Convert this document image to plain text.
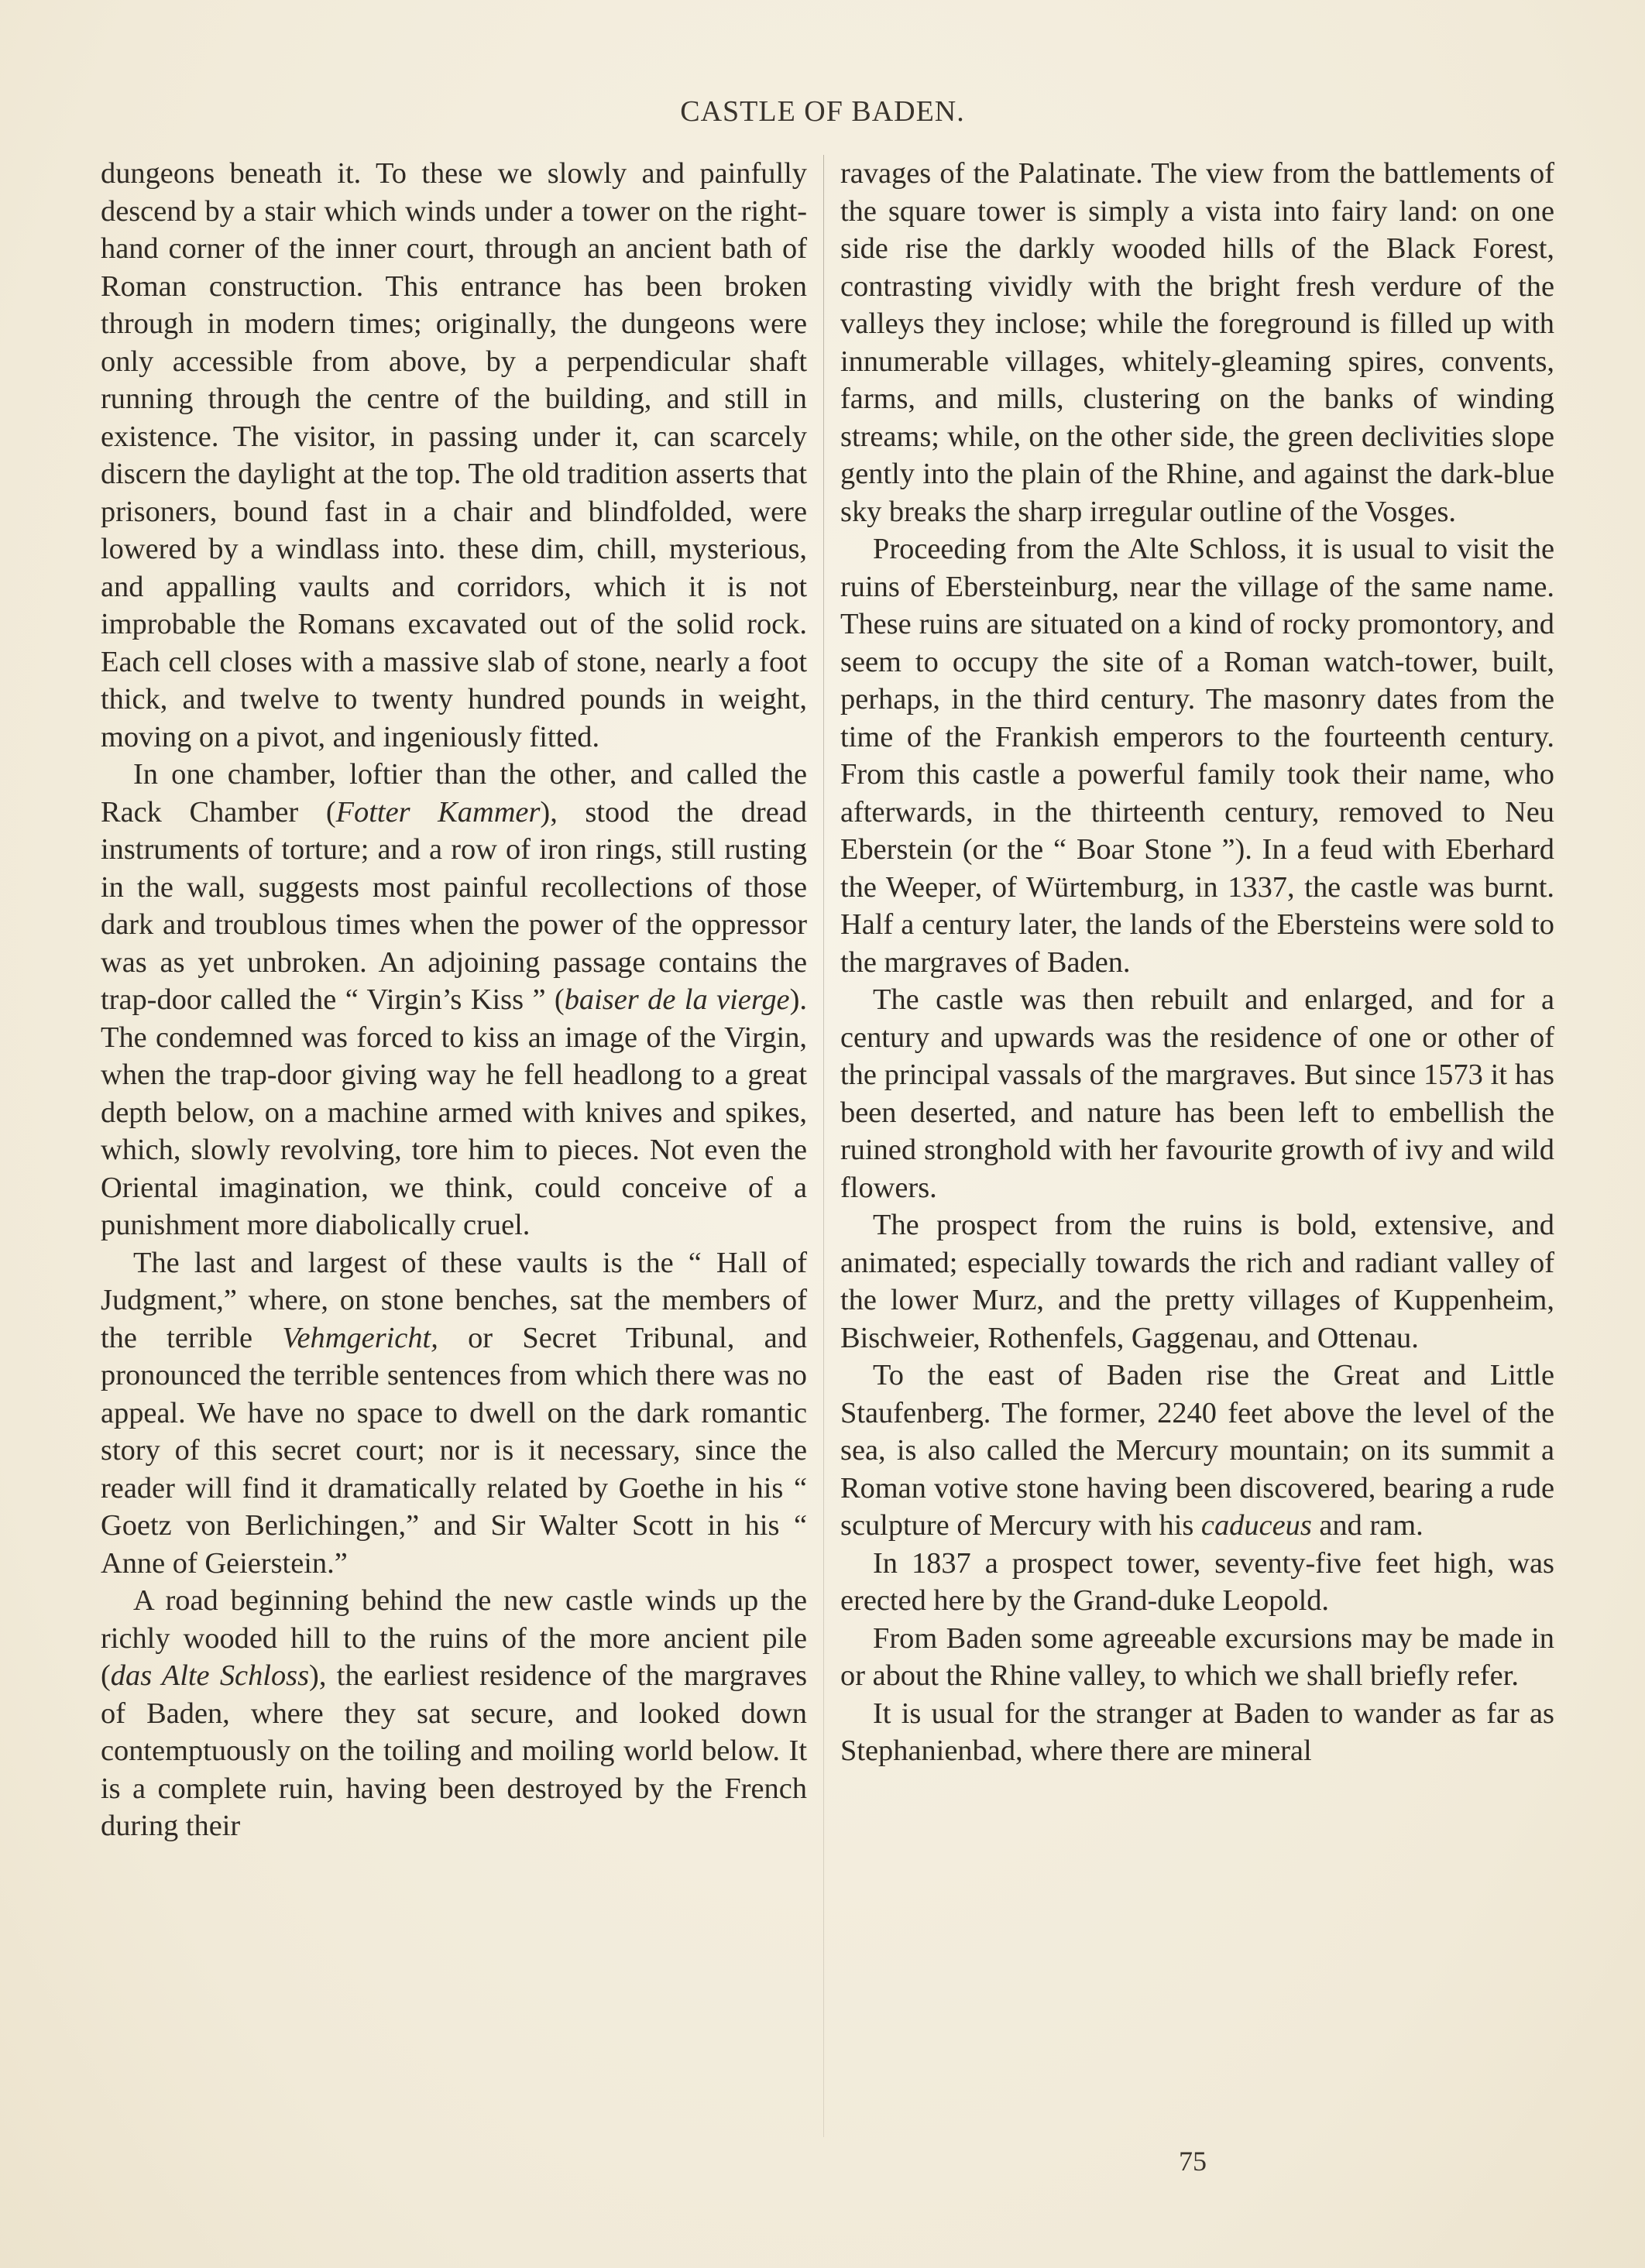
CASTLE OF BADEN.

dungeons beneath it. To these we slowly and painfully descend by a stair which winds under a tower on the right-hand corner of the inner court, through an ancient bath of Roman construction. This entrance has been broken through in modern times; originally, the dungeons were only accessible from above, by a perpendicular shaft running through the centre of the building, and still in existence. The visitor, in passing under it, can scarcely discern the daylight at the top. The old tradition asserts that prisoners, bound fast in a chair and blindfolded, were lowered by a windlass into. these dim, chill, mysterious, and appalling vaults and corridors, which it is not improbable the Romans excavated out of the solid rock. Each cell closes with a massive slab of stone, nearly a foot thick, and twelve to twenty hundred pounds in weight, moving on a pivot, and ingeniously fitted.

In one chamber, loftier than the other, and called the Rack Chamber (Fotter Kammer), stood the dread instruments of torture; and a row of iron rings, still rusting in the wall, suggests most painful recollections of those dark and troublous times when the power of the oppressor was as yet unbroken. An adjoining passage contains the trap-door called the “ Virgin’s Kiss ” (baiser de la vierge). The condemned was forced to kiss an image of the Virgin, when the trap-door giving way he fell headlong to a great depth below, on a machine armed with knives and spikes, which, slowly revolving, tore him to pieces. Not even the Oriental imagination, we think, could conceive of a punishment more diabolically cruel.

The last and largest of these vaults is the “ Hall of Judgment,” where, on stone benches, sat the members of the terrible Vehmgericht, or Secret Tribunal, and pronounced the terrible sentences from which there was no appeal. We have no space to dwell on the dark romantic story of this secret court; nor is it necessary, since the reader will find it dramatically related by Goethe in his “ Goetz von Berlichingen,” and Sir Walter Scott in his “ Anne of Geierstein.”

A road beginning behind the new castle winds up the richly wooded hill to the ruins of the more ancient pile (das Alte Schloss), the earliest residence of the margraves of Baden, where they sat secure, and looked down contemptuously on the toiling and moiling world below. It is a complete ruin, having been destroyed by the French during their

ravages of the Palatinate. The view from the battlements of the square tower is simply a vista into fairy land: on one side rise the darkly wooded hills of the Black Forest, contrasting vividly with the bright fresh verdure of the valleys they inclose; while the foreground is filled up with innumerable villages, whitely-gleaming spires, convents, farms, and mills, clustering on the banks of winding streams; while, on the other side, the green declivities slope gently into the plain of the Rhine, and against the dark-blue sky breaks the sharp irregular outline of the Vosges.

Proceeding from the Alte Schloss, it is usual to visit the ruins of Ebersteinburg, near the village of the same name. These ruins are situated on a kind of rocky promontory, and seem to occupy the site of a Roman watch-tower, built, perhaps, in the third century. The masonry dates from the time of the Frankish emperors to the fourteenth century. From this castle a powerful family took their name, who afterwards, in the thirteenth century, removed to Neu Eberstein (or the “ Boar Stone ”). In a feud with Eberhard the Weeper, of Würtemburg, in 1337, the castle was burnt. Half a century later, the lands of the Ebersteins were sold to the margraves of Baden.

The castle was then rebuilt and enlarged, and for a century and upwards was the residence of one or other of the principal vassals of the margraves. But since 1573 it has been deserted, and nature has been left to embellish the ruined stronghold with her favourite growth of ivy and wild flowers.

The prospect from the ruins is bold, extensive, and animated; especially towards the rich and radiant valley of the lower Murz, and the pretty villages of Kuppenheim, Bischweier, Rothenfels, Gaggenau, and Ottenau.

To the east of Baden rise the Great and Little Staufenberg. The former, 2240 feet above the level of the sea, is also called the Mercury mountain; on its summit a Roman votive stone having been discovered, bearing a rude sculpture of Mercury with his caduceus and ram.

In 1837 a prospect tower, seventy-five feet high, was erected here by the Grand-duke Leopold.

From Baden some agreeable excursions may be made in or about the Rhine valley, to which we shall briefly refer.

It is usual for the stranger at Baden to wander as far as Stephanienbad, where there are mineral

75
